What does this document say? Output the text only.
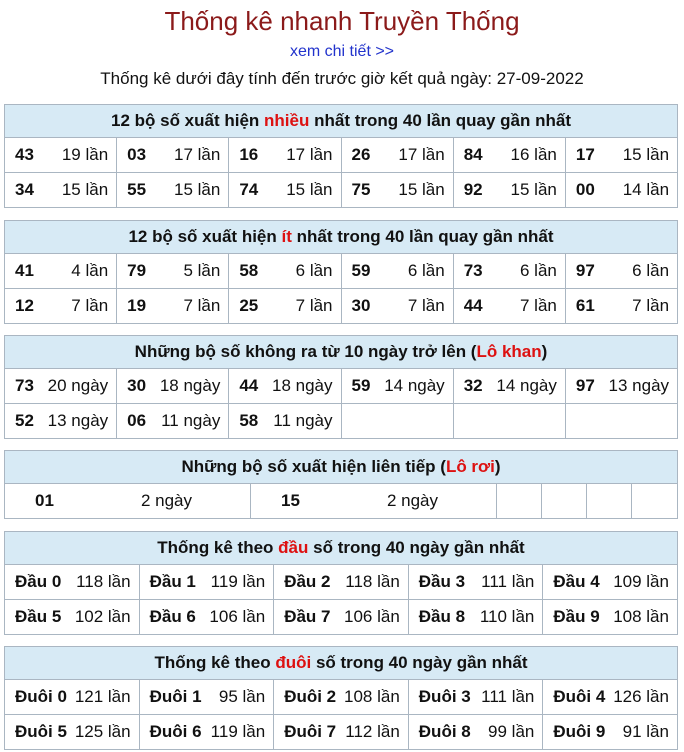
Thống kê nhanh Truyền Thống
xem chi tiết >>
Thống kê dưới đây tính đến trước giờ kết quả ngày: 27-09-2022
12 bộ số xuất hiện nhiều nhất trong 40 lần quay gần nhất
43 19 lần 03 17 lần 16 17 lần 26 17 lần 84 16 lần 17 15 lần
34 15 lần 55 15 lần 74 15 lần 75 15 lần 92 15 lần 00 14 lần
12 bộ số xuất hiện ít nhất trong 40 lần quay gần nhất
41 4 lần 79 5 lần 58 6 lần 59 6 lần 73 6 lần 97 6 lần
12 7 lần 19 7 lần 25 7 lần 30 7 lần 44 7 lần 61 7 lần
Những bộ số không ra từ 10 ngày trở lên (Lô khan)
73 20 ngày 30 18 ngày 44 18 ngày 59 14 ngày 32 14 ngày 97 13 ngày
52 13 ngày 06 11 ngày 58 11 ngày
Những bộ số xuất hiện liên tiếp (Lô rơi)
01	2 ngày	15	2 ngày
Thống kê theo đầu số trong 40 ngày gần nhất
Đầu 0 118 lần Đầu 1 119 lần Đầu 2 118 lần Đầu 3 111 lần Đầu 4 109 lần
Đầu 5 102 lần Đầu 6 106 lần Đầu 7 106 lần Đầu 8 110 lần Đầu 9 108 lần
Thống kê theo đuôi số trong 40 ngày gần nhất
Đuôi 0 121 lần Đuôi 1 95 lần Đuôi 2 108 lần Đuôi 3 111 lần Đuôi 4 126 lần
Đuôi 5 125 lần Đuôi 6 119 lần Đuôi 7 112 lần Đuôi 8 99 lần Đuôi 9 91 lần
